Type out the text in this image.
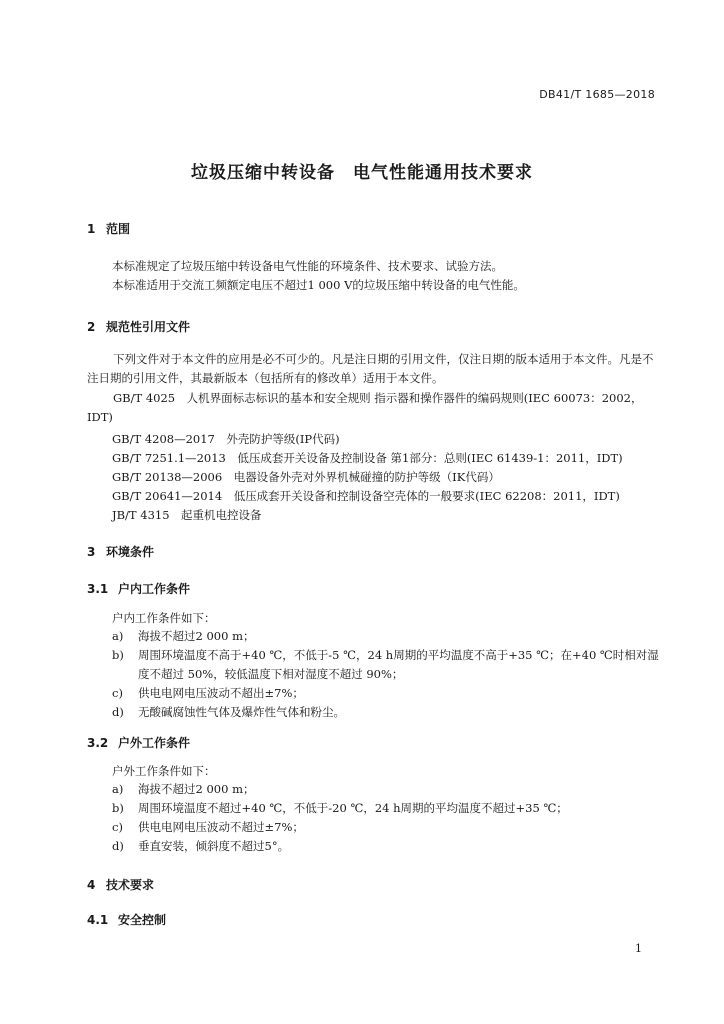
DB41/T 1685—2018
垃圾压缩中转设备　电气性能通用技术要求
1 范围
本标准规定了垃圾压缩中转设备电气性能的环境条件、技术要求、试验方法。
本标准适用于交流工频额定电压不超过1 000 V的垃圾压缩中转设备的电气性能。
2 规范性引用文件

下列文件对于本文件的应用是必不可少的。凡是注日期的引用文件，仅注日期的版本适用于本文件。凡是不注日期的引用文件，其最新版本（包括所有的修改单）适用于本文件。

GB/T 4025　人机界面标志标识的基本和安全规则 指示器和操作器件的编码规则(IEC 60073：2002，IDT)

GB/T 4208—2017　外壳防护等级(IP代码)
GB/T 7251.1—2013　低压成套开关设备及控制设备 第1部分：总则(IEC 61439-1：2011，IDT)
GB/T 20138—2006　电器设备外壳对外界机械碰撞的防护等级（IK代码）
GB/T 20641—2014　低压成套开关设备和控制设备空壳体的一般要求(IEC 62208：2011，IDT)
JB/T 4315　起重机电控设备
3 环境条件
3.1 户内工作条件
户内工作条件如下：
a) 海拔不超过2 000 m；
b) 周围环境温度不高于+40 ℃，不低于-5 ℃，24 h周期的平均温度不高于+35 ℃；在+40 ℃时相对湿度不超过 50%，较低温度下相对湿度不超过 90%；
c) 供电电网电压波动不超出±7%；
d) 无酸碱腐蚀性气体及爆炸性气体和粉尘。
3.2 户外工作条件
户外工作条件如下：
a) 海拔不超过2 000 m；
b) 周围环境温度不超过+40 ℃，不低于-20 ℃，24 h周期的平均温度不超过+35 ℃；
c) 供电电网电压波动不超过±7%；
d) 垂直安装，倾斜度不超过5°。
4 技术要求
4.1 安全控制
1
